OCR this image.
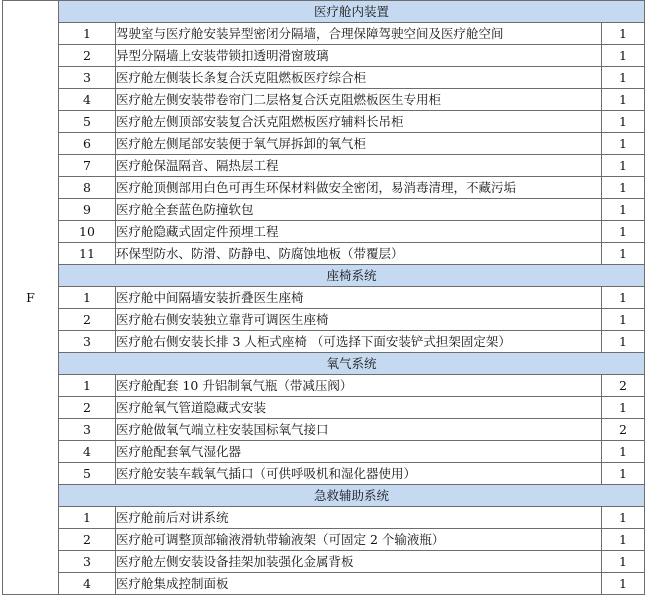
F	医疗舱内装置		
	1	驾驶室与医疗舱安装异型密闭分隔墙，合理保障驾驶空间及医疗舱空间	1
	2	异型分隔墙上安装带锁扣透明滑窗玻璃	1
	3	医疗舱左侧装长条复合沃克阻燃板医疗综合柜	1
	4	医疗舱左侧安装带卷帘门二层格复合沃克阻燃板医生专用柜	1
	5	医疗舱左侧顶部安装复合沃克阻燃板医疗辅料长吊柜	1
	6	医疗舱左侧尾部安装便于氧气屏拆卸的氧气柜	1
	7	医疗舱保温隔音、隔热层工程	1
	8	医疗舱顶侧部用白色可再生环保材料做安全密闭，易消毒清理，不藏污垢	1
	9	医疗舱全套蓝色防撞软包	1
	10	医疗舱隐藏式固定件预埋工程	1
	11	环保型防水、防滑、防静电、防腐蚀地板（带覆层）	1
	座椅系统		
	1	医疗舱中间隔墙安装折叠医生座椅	1
	2	医疗舱右侧安装独立靠背可调医生座椅	1
	3	医疗舱右侧安装长排 3 人柜式座椅 （可选择下面安装铲式担架固定架）	1
	氧气系统		
	1	医疗舱配套 10 升铝制氧气瓶（带减压阀）	2
	2	医疗舱氧气管道隐藏式安装	1
	3	医疗舱做氧气端立柱安装国标氧气接口	2
	4	医疗舱配套氧气湿化器	1
	5	医疗舱安装车载氧气插口（可供呼吸机和湿化器使用）	1
	急救辅助系统		
	1	医疗舱前后对讲系统	1
	2	医疗舱可调整顶部输液滑轨带输液架（可固定 2 个输液瓶）	1
	3	医疗舱左侧安装设备挂架加装强化金属背板	1
	4	医疗舱集成控制面板	1
